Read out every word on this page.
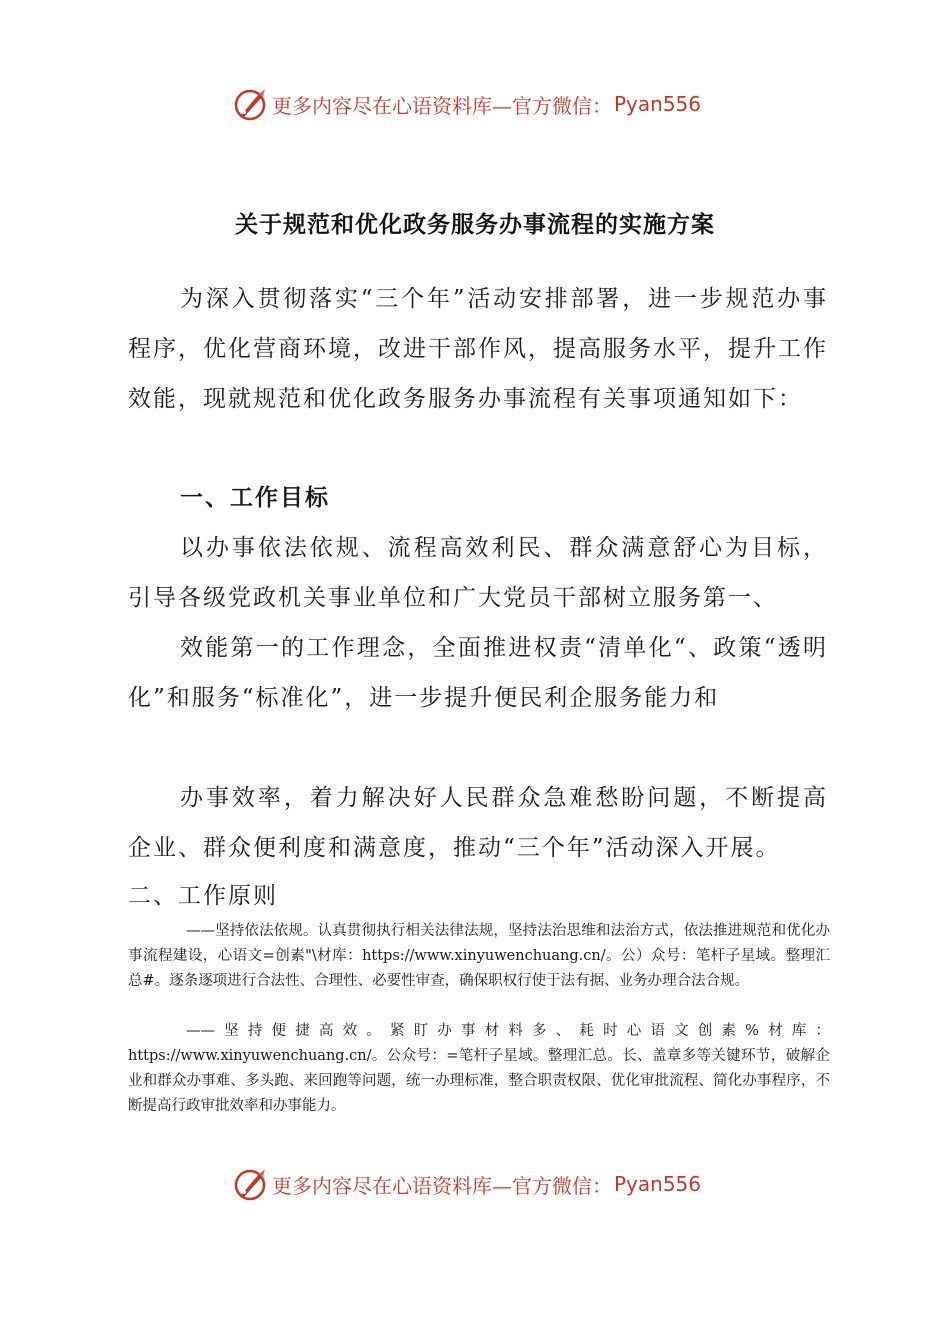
更多内容尽在心语资料库—官方微信： Pyan556
关于规范和优化政务服务办事流程的实施方案

为深入贯彻落实“三个年”活动安排部署，进一步规范办事程序，优化营商环境，改进干部作风，提高服务水平，提升工作效能，现就规范和优化政务服务办事流程有关事项通知如下：

一、工作目标

以办事依法依规、流程高效利民、群众满意舒心为目标，引导各级党政机关事业单位和广大党员干部树立服务第一、

效能第一的工作理念，全面推进权责“清单化“、政策“透明化”和服务“标准化”，进一步提升便民利企服务能力和

办事效率，着力解决好人民群众急难愁盼问题，不断提高企业、群众便利度和满意度，推动“三个年”活动深入开展。

二、工作原则

——坚持依法依规。认真贯彻执行相关法律法规，坚持法治思维和法治方式，依法推进规范和优化办事流程建设，心语文=创素"\材库：https://www.xinyuwenchuang.cn/。公）众号：笔杆子星域。整理汇总#。逐条逐项进行合法性、合理性、必要性审查，确保职权行使于法有据、业务办理合法合规。

——坚持便捷高效。紧盯办事材料多、耗时心语文创素%材库：https://www.xinyuwenchuang.cn/。公众号：=笔杆子星域。整理汇总。长、盖章多等关键环节，破解企业和群众办事难、多头跑、来回跑等问题，统一办理标准，整合职责权限、优化审批流程、简化办事程序，不断提高行政审批效率和办事能力。

更多内容尽在心语资料库—官方微信： Pyan556
